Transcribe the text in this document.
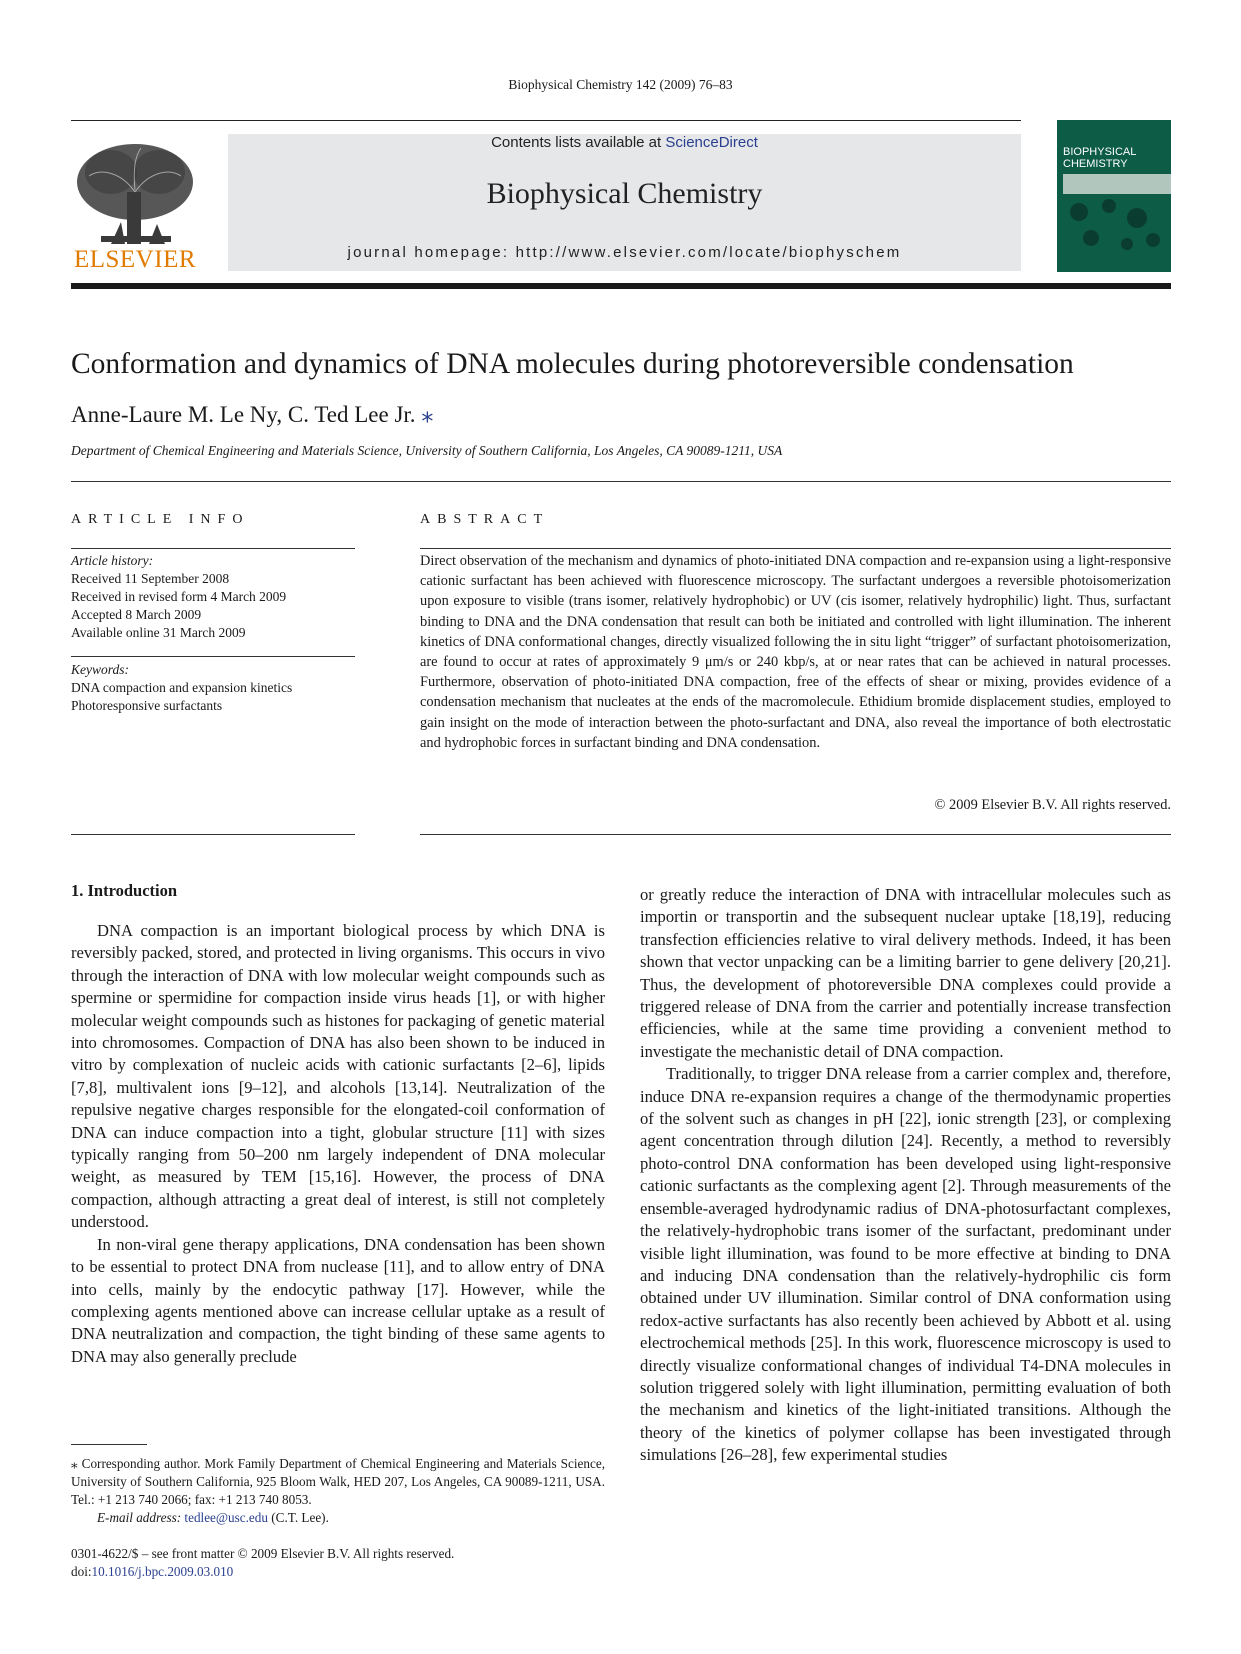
Biophysical Chemistry 142 (2009) 76–83
ELSEVIER
Contents lists available at ScienceDirect
Biophysical Chemistry
journal homepage: http://www.elsevier.com/locate/biophyschem
BIOPHYSICAL CHEMISTRY
Conformation and dynamics of DNA molecules during photoreversible condensation
Anne-Laure M. Le Ny, C. Ted Lee Jr. ⁎
Department of Chemical Engineering and Materials Science, University of Southern California, Los Angeles, CA 90089-1211, USA
ARTICLE INFO
Article history:
Received 11 September 2008
Received in revised form 4 March 2009
Accepted 8 March 2009
Available online 31 March 2009
Keywords:
DNA compaction and expansion kinetics
Photoresponsive surfactants
ABSTRACT
Direct observation of the mechanism and dynamics of photo-initiated DNA compaction and re-expansion using a light-responsive cationic surfactant has been achieved with fluorescence microscopy. The surfactant undergoes a reversible photoisomerization upon exposure to visible (trans isomer, relatively hydrophobic) or UV (cis isomer, relatively hydrophilic) light. Thus, surfactant binding to DNA and the DNA condensation that result can both be initiated and controlled with light illumination. The inherent kinetics of DNA conformational changes, directly visualized following the in situ light “trigger” of surfactant photoisomerization, are found to occur at rates of approximately 9 μm/s or 240 kbp/s, at or near rates that can be achieved in natural processes. Furthermore, observation of photo-initiated DNA compaction, free of the effects of shear or mixing, provides evidence of a condensation mechanism that nucleates at the ends of the macromolecule. Ethidium bromide displacement studies, employed to gain insight on the mode of interaction between the photo-surfactant and DNA, also reveal the importance of both electrostatic and hydrophobic forces in surfactant binding and DNA condensation.
© 2009 Elsevier B.V. All rights reserved.
1. Introduction

DNA compaction is an important biological process by which DNA is reversibly packed, stored, and protected in living organisms. This occurs in vivo through the interaction of DNA with low molecular weight compounds such as spermine or spermidine for compaction inside virus heads [1], or with higher molecular weight compounds such as histones for packaging of genetic material into chromosomes. Compaction of DNA has also been shown to be induced in vitro by complexation of nucleic acids with cationic surfactants [2–6], lipids [7,8], multivalent ions [9–12], and alcohols [13,14]. Neutralization of the repulsive negative charges responsible for the elongated-coil conformation of DNA can induce compaction into a tight, globular structure [11] with sizes typically ranging from 50–200 nm largely independent of DNA molecular weight, as measured by TEM [15,16]. However, the process of DNA compaction, although attracting a great deal of interest, is still not completely understood.

In non-viral gene therapy applications, DNA condensation has been shown to be essential to protect DNA from nuclease [11], and to allow entry of DNA into cells, mainly by the endocytic pathway [17]. However, while the complexing agents mentioned above can increase cellular uptake as a result of DNA neutralization and compaction, the tight binding of these same agents to DNA may also generally preclude

or greatly reduce the interaction of DNA with intracellular molecules such as importin or transportin and the subsequent nuclear uptake [18,19], reducing transfection efficiencies relative to viral delivery methods. Indeed, it has been shown that vector unpacking can be a limiting barrier to gene delivery [20,21]. Thus, the development of photoreversible DNA complexes could provide a triggered release of DNA from the carrier and potentially increase transfection efficiencies, while at the same time providing a convenient method to investigate the mechanistic detail of DNA compaction.

Traditionally, to trigger DNA release from a carrier complex and, therefore, induce DNA re-expansion requires a change of the thermodynamic properties of the solvent such as changes in pH [22], ionic strength [23], or complexing agent concentration through dilution [24]. Recently, a method to reversibly photo-control DNA conformation has been developed using light-responsive cationic surfactants as the complexing agent [2]. Through measurements of the ensemble-averaged hydrodynamic radius of DNA-photosurfactant complexes, the relatively-hydrophobic trans isomer of the surfactant, predominant under visible light illumination, was found to be more effective at binding to DNA and inducing DNA condensation than the relatively-hydrophilic cis form obtained under UV illumination. Similar control of DNA conformation using redox-active surfactants has also recently been achieved by Abbott et al. using electrochemical methods [25]. In this work, fluorescence microscopy is used to directly visualize conformational changes of individual T4-DNA molecules in solution triggered solely with light illumination, permitting evaluation of both the mechanism and kinetics of the light-initiated transitions. Although the theory of the kinetics of polymer collapse has been investigated through simulations [26–28], few experimental studies

⁎ Corresponding author. Mork Family Department of Chemical Engineering and Materials Science, University of Southern California, 925 Bloom Walk, HED 207, Los Angeles, CA 90089-1211, USA. Tel.: +1 213 740 2066; fax: +1 213 740 8053.

E-mail address: tedlee@usc.edu (C.T. Lee).

0301-4622/$ – see front matter © 2009 Elsevier B.V. All rights reserved.
doi:10.1016/j.bpc.2009.03.010
